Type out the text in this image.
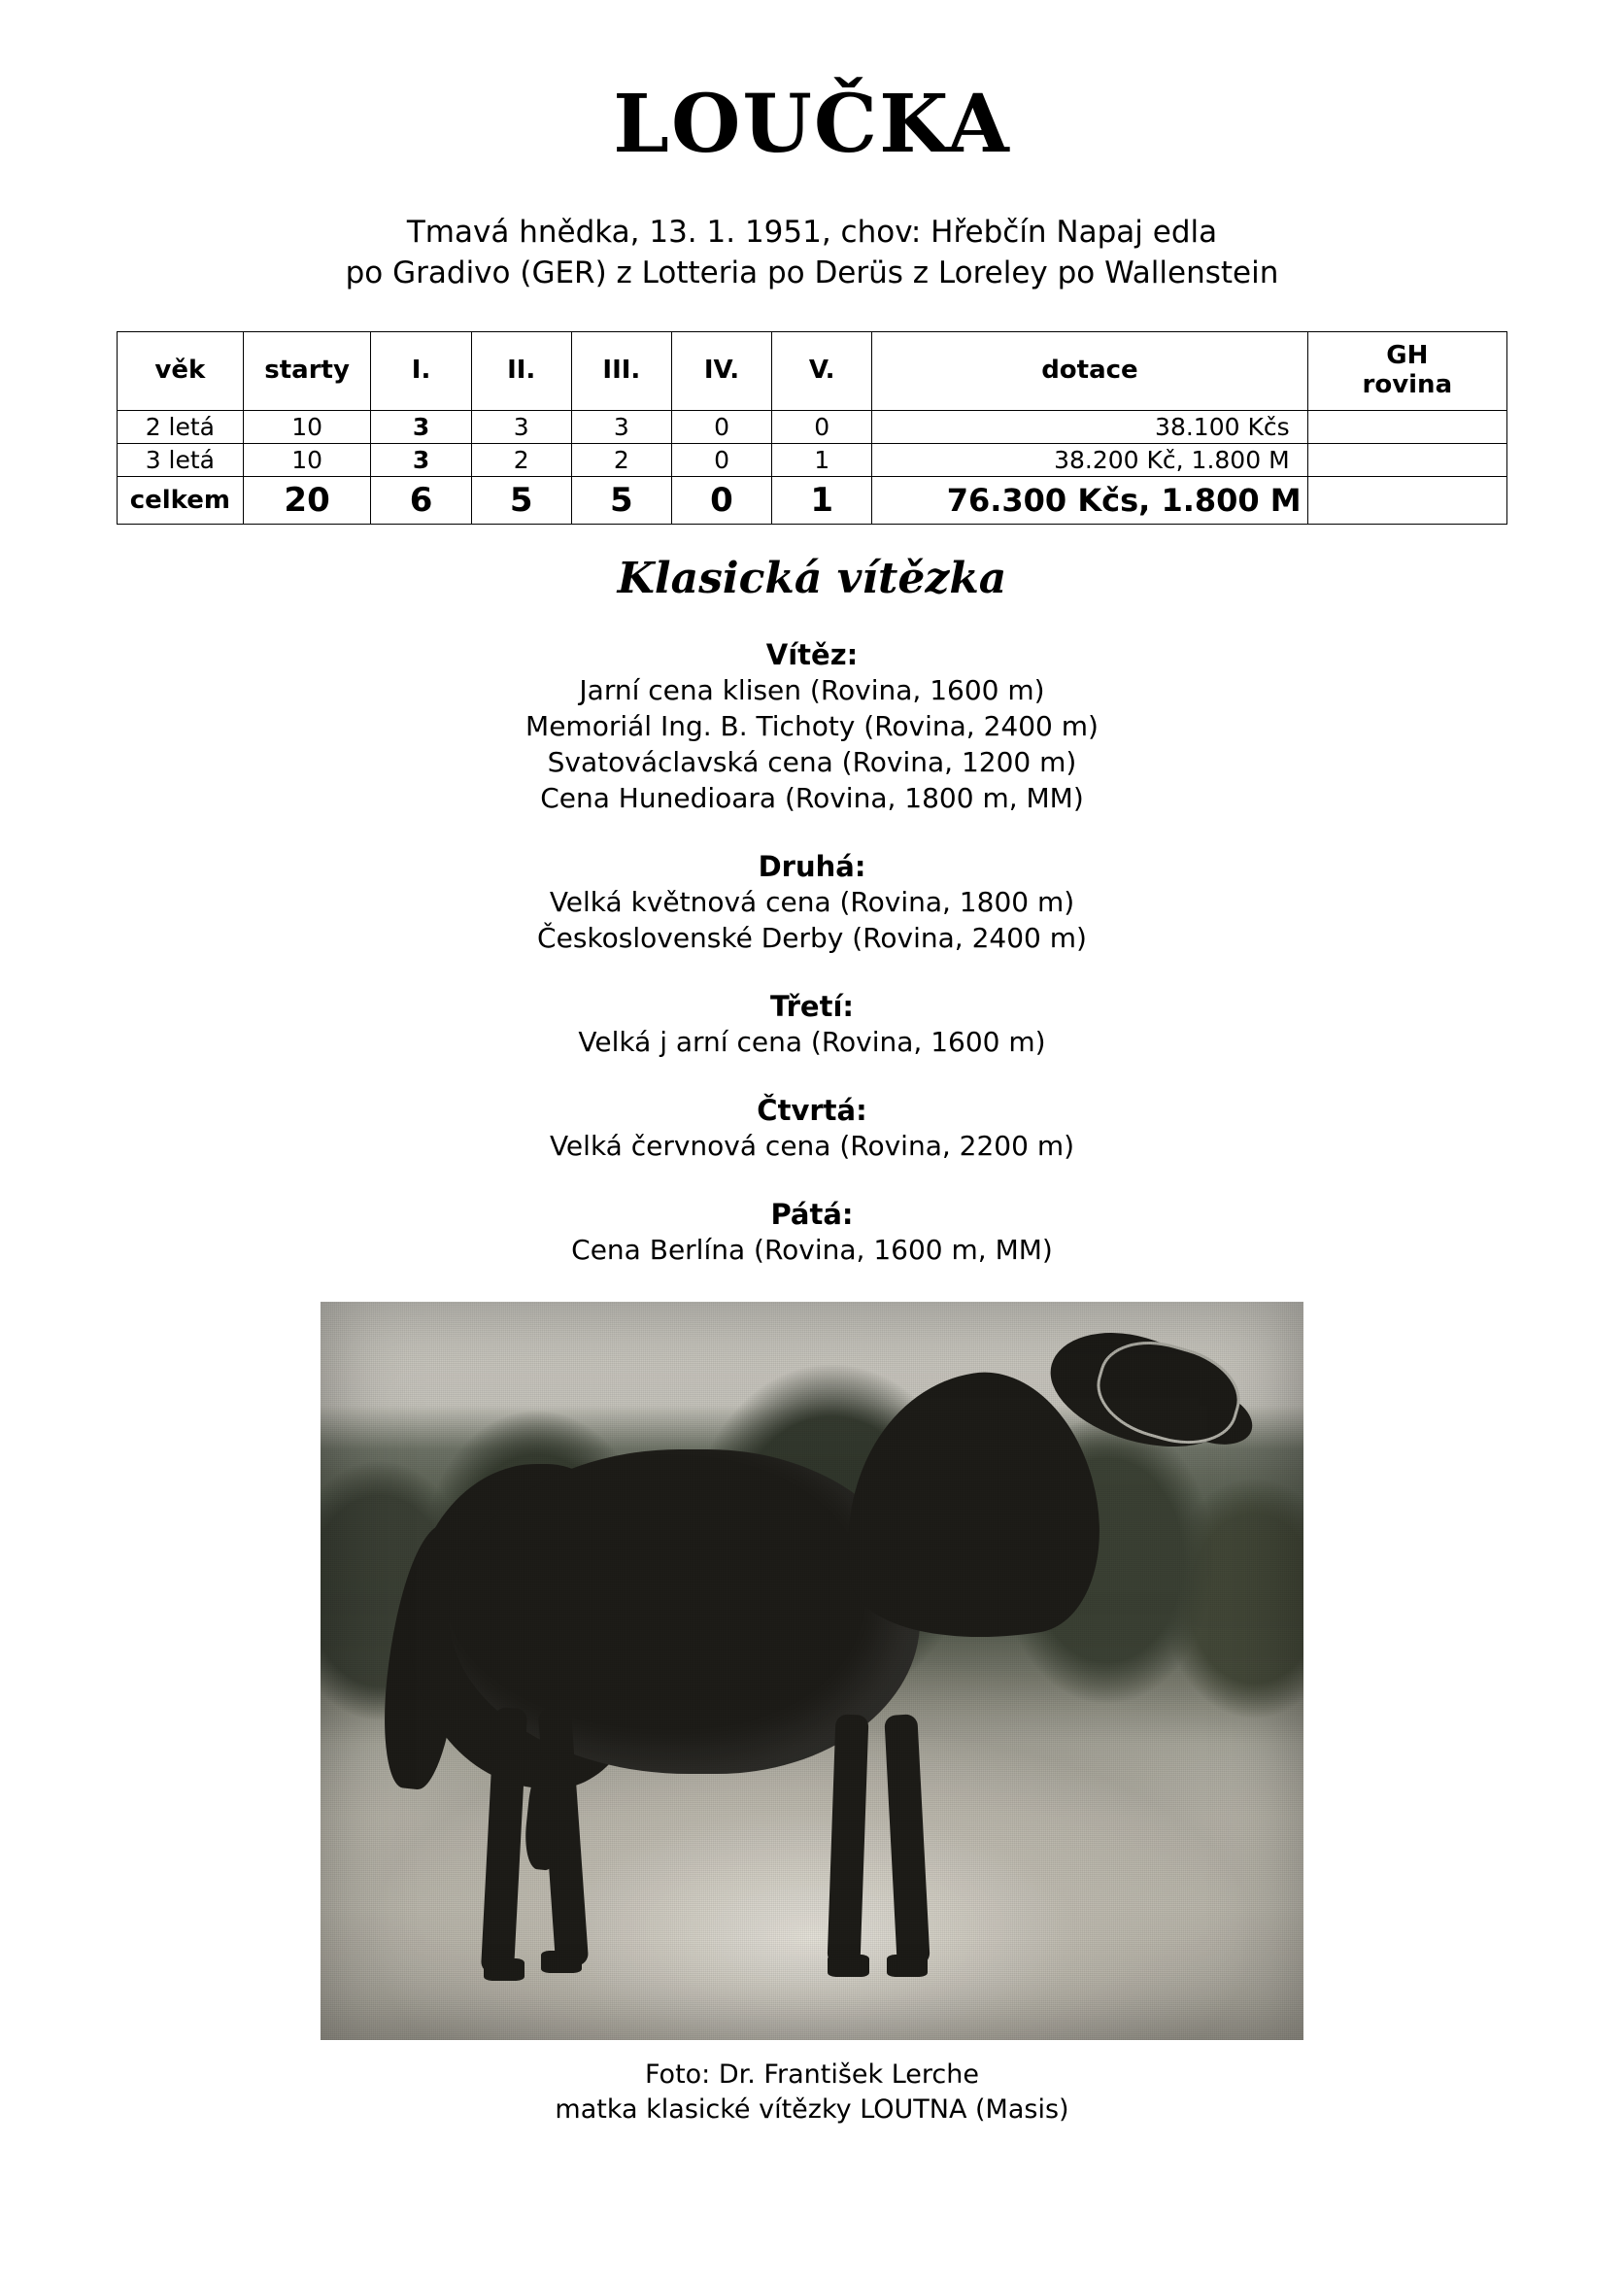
LOUČKA
Tmavá hnědka, 13. 1. 1951, chov: Hřebčín Napaj edla
po Gradivo (GER) z Lotteria po Derüs z Loreley po Wallenstein
věk	starty	I.	II.	III.	IV.	V.	dotace	GH
rovina

2 letá	10	3	3	3	0	0	38.100 Kčs	
3 letá	10	3	2	2	0	1	38.200 Kč, 1.800 M	
celkem	20	6	5	5	0	1	76.300 Kčs, 1.800 M	
Klasická vítězka
Vítěz:
Jarní cena klisen (Rovina, 1600 m)
Memoriál Ing. B. Tichoty (Rovina, 2400 m)
Svatováclavská cena (Rovina, 1200 m)
Cena Hunedioara (Rovina, 1800 m, MM)
Druhá:
Velká květnová cena (Rovina, 1800 m)
Československé Derby (Rovina, 2400 m)
Třetí:
Velká j arní cena (Rovina, 1600 m)
Čtvrtá:
Velká červnová cena (Rovina, 2200 m)
Pátá:
Cena Berlína (Rovina, 1600 m, MM)
Foto: Dr. František Lerche
matka klasické vítězky LOUTNA (Masis)
